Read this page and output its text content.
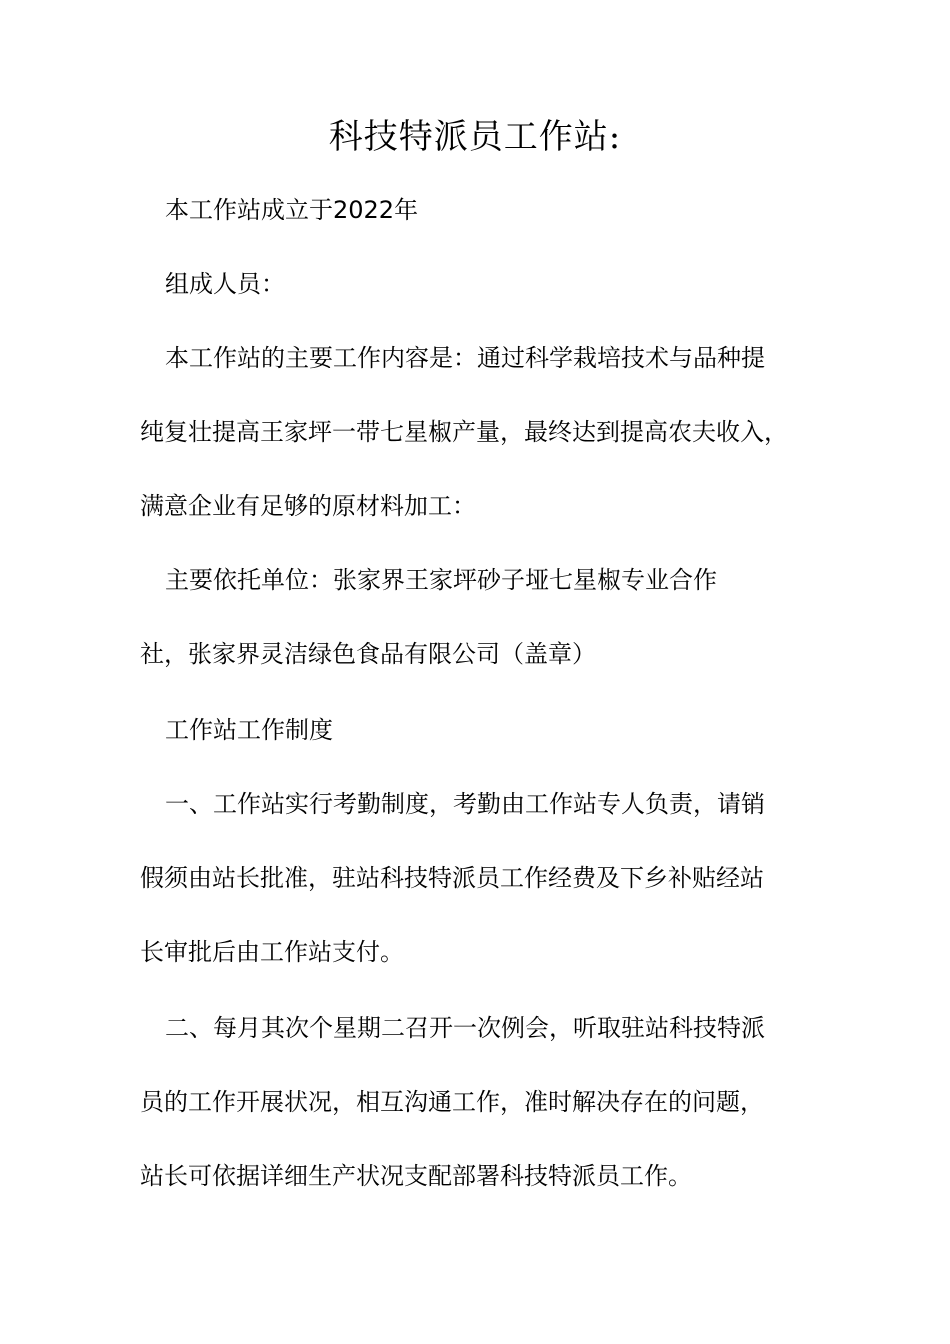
科技特派员工作站:
本工作站成立于2022年
组成人员：
本工作站的主要工作内容是：通过科学栽培技术与品种提
纯复壮提高王家坪一带七星椒产量，最终达到提高农夫收入，
满意企业有足够的原材料加工：
主要依托单位：张家界王家坪砂子垭七星椒专业合作
社，张家界灵洁绿色食品有限公司（盖章）
工作站工作制度
一、工作站实行考勤制度，考勤由工作站专人负责，请销
假须由站长批准，驻站科技特派员工作经费及下乡补贴经站
长审批后由工作站支付。
二、每月其次个星期二召开一次例会，听取驻站科技特派
员的工作开展状况，相互沟通工作，准时解决存在的问题，
站长可依据详细生产状况支配部署科技特派员工作。
